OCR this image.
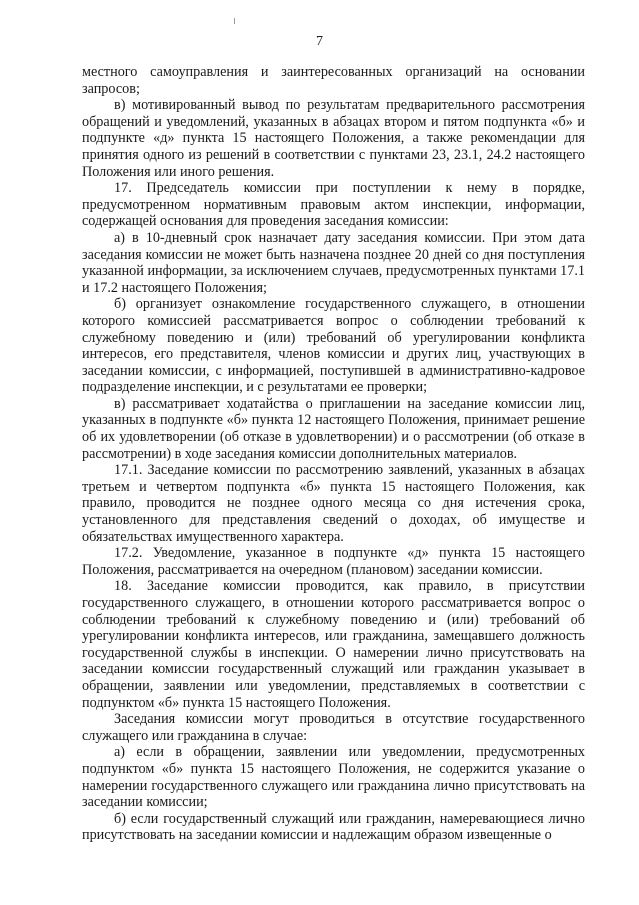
7

местного самоуправления и заинтересованных организаций на основании запросов;

в) мотивированный вывод по результатам предварительного рассмотрения обращений и уведомлений, указанных в абзацах втором и пятом подпункта «б» и подпункте «д» пункта 15 настоящего Положения, а также рекомендации для принятия одного из решений в соответствии с пунктами 23, 23.1, 24.2 настоящего Положения или иного решения.

17. Председатель комиссии при поступлении к нему в порядке, предусмотренном нормативным правовым актом инспекции, информации, содержащей основания для проведения заседания комиссии:

а) в 10-дневный срок назначает дату заседания комиссии. При этом дата заседания комиссии не может быть назначена позднее 20 дней со дня поступления указанной информации, за исключением случаев, предусмотренных пунктами 17.1 и 17.2 настоящего Положения;

б) организует ознакомление государственного служащего, в отношении которого комиссией рассматривается вопрос о соблюдении требований к служебному поведению и (или) требований об урегулировании конфликта интересов, его представителя, членов комиссии и других лиц, участвующих в заседании комиссии, с информацией, поступившей в административно-кадровое подразделение инспекции, и с результатами ее проверки;

в) рассматривает ходатайства о приглашении на заседание комиссии лиц, указанных в подпункте «б» пункта 12 настоящего Положения, принимает решение об их удовлетворении (об отказе в удовлетворении) и о рассмотрении (об отказе в рассмотрении) в ходе заседания комиссии дополнительных материалов.

17.1. Заседание комиссии по рассмотрению заявлений, указанных в абзацах третьем и четвертом подпункта «б» пункта 15 настоящего Положения, как правило, проводится не позднее одного месяца со дня истечения срока, установленного для представления сведений о доходах, об имуществе и обязательствах имущественного характера.

17.2. Уведомление, указанное в подпункте «д» пункта 15 настоящего Положения, рассматривается на очередном (плановом) заседании комиссии.

18. Заседание комиссии проводится, как правило, в присутствии государственного служащего, в отношении которого рассматривается вопрос о соблюдении требований к служебному поведению и (или) требований об урегулировании конфликта интересов, или гражданина, замещавшего должность государственной службы в инспекции. О намерении лично присутствовать на заседании комиссии государственный служащий или гражданин указывает в обращении, заявлении или уведомлении, представляемых в соответствии с подпунктом «б» пункта 15 настоящего Положения.

Заседания комиссии могут проводиться в отсутствие государственного служащего или гражданина в случае:

а) если в обращении, заявлении или уведомлении, предусмотренных подпунктом «б» пункта 15 настоящего Положения, не содержится указание о намерении государственного служащего или гражданина лично присутствовать на заседании комиссии;

б) если государственный служащий или гражданин, намеревающиеся лично присутствовать на заседании комиссии и надлежащим образом извещенные о
